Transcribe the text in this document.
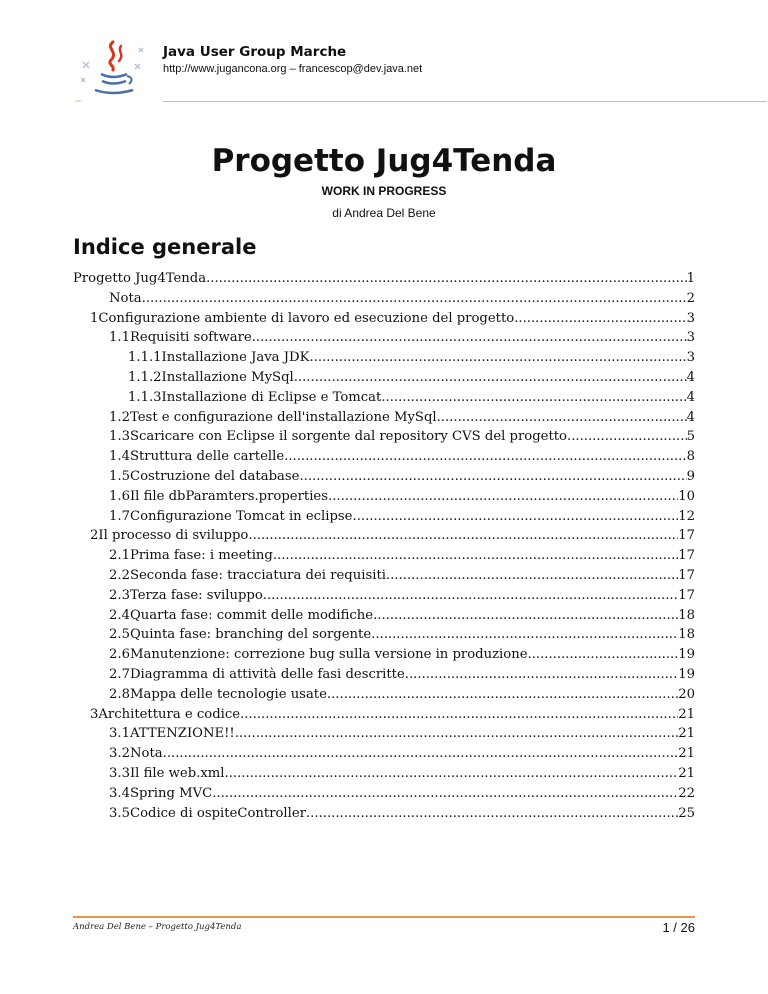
Java User Group Marche
http://www.jugancona.org – francescop@dev.java.net
Progetto Jug4Tenda
WORK IN PROGRESS
di Andrea Del Bene
Indice generale
Progetto Jug4Tenda .....	1
Nota .....	2
1Configurazione ambiente di lavoro ed esecuzione del progetto .....	3
1.1Requisiti software .....	3
1.1.1Installazione Java JDK .....	3
1.1.2Installazione MySql .....	4
1.1.3Installazione di Eclipse e Tomcat .....	4
1.2Test e configurazione dell'installazione MySql .....	4
1.3Scaricare con Eclipse il sorgente dal repository CVS del progetto .....	5
1.4Struttura delle cartelle .....	8
1.5Costruzione del database .....	9
1.6Il file dbParamters.properties .....	10
1.7Configurazione Tomcat in eclipse .....	12
2Il processo di sviluppo .....	17
2.1Prima fase: i meeting .....	17
2.2Seconda fase: tracciatura dei requisiti .....	17
2.3Terza fase: sviluppo .....	17
2.4Quarta fase: commit delle modifiche .....	18
2.5Quinta fase: branching del sorgente .....	18
2.6Manutenzione: correzione bug sulla versione in produzione .....	19
2.7Diagramma di attività delle fasi descritte .....	19
2.8Mappa delle tecnologie usate .....	20
3Architettura e codice .....	21
3.1ATTENZIONE!! .....	21
3.2Nota .....	21
3.3Il file web.xml .....	21
3.4Spring MVC .....	22
3.5Codice di ospiteController .....	25
Andrea Del Bene – Progetto Jug4Tenda	1 / 26
